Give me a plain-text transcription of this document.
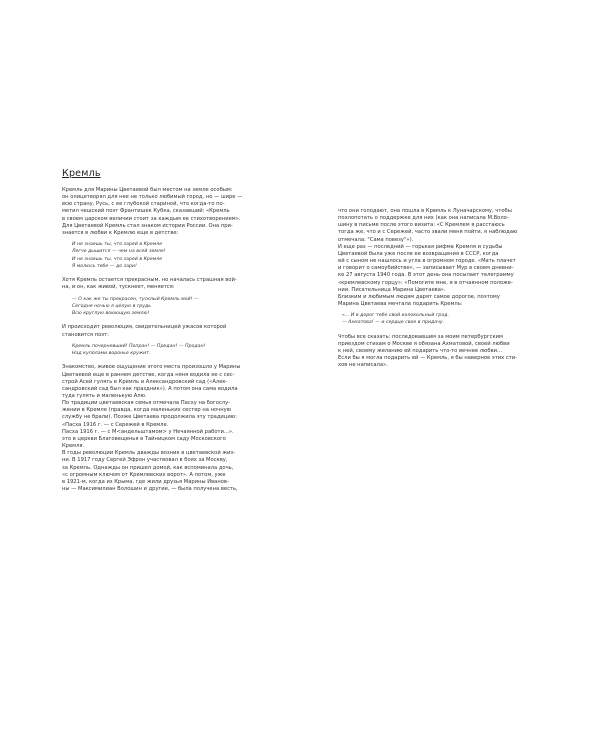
Кремль

Кремль для Марины Цветаевой был местом на земле особым:

он олицетворял для нее не только любимый город, но — шире —

всю страну, Русь, с ее глубокой стариной, что когда-то по-

метил чешский поэт Франтишек Кубка, сказавший: «Кремль

в своем царском величии стоит за каждым ее стихотворением».

Для Цветаевой Кремль стал знаком истории России. Она при-

знается в любви к Кремлю еще в детстве:

И не знаешь ты, что зарей в Кремле

Легче дышится — чем на всей земле!

И не знаешь ты, что зарей в Кремле

Я молюсь тебе — до зари!

Хотя Кремль остается прекрасным, но началась страшная вой-

на, и он, как живой, тускнеет, меняется:

— О как же ты прекрасен, тусклый Кремль мой! —

Сегодня ночью я целую в грудь

Всю круглую воюющую землю!

И происходит революция, свидетельницей ужасов которой

становится поэт:

Кремль почерневший! Попран! — Предан! — Продан!

Над куполами воронье кружит.

Знакомство, живое ощущение этого места произошло у Марины

Цветаевой еще в раннем детстве, когда няня водила ее с сес-

строй Асей гулять в Кремль и Александровский сад («Алек-

сандровский сад был как праздник»). А потом она сама водила

туда гулять и маленькую Алю.

По традиции цветаевская семья отмечала Пасху на богослу-

жении в Кремле (правда, когда маленьких сестер на ночную

службу не брали). Позже Цветаева продолжила эту традицию:

«Пасха 1916 г. — с Сережей в Кремле.

Пасха 1916 г. — с М<андельштамом> у Нечаянной работи...».

это в церкви Благовещенья в Тайницком саду Московского

Кремля.

В годы революции Кремль дважды возник в цветаевской жиз-

ни. В 1917 году Сергей Эфрон участвовал в боях за Москву,

за Кремль. Однажды он пришел домой, как вспоминала дочь,

«с огромным ключом от Кремлевских ворот». А потом, уже

в 1921-м, когда из Крыма, где жили друзья Марины Иванов-

ны — Максимилиан Волошин и другие, — была получена весть,

что они голодают, она пошла в Кремль к Луначарскому, чтобы

похлопотать о поддержке для них (как она написала М.Воло-

шину в письме после этого визита: «С Кремлем я расстаюсь

тогда же, что и с Сережей, часто звали меня пойти, я наблюдаю

отмечала: "Сама повезу"»).

И еще раз — последний — горькая рифма Кремля и судьбы

Цветаевой была уже после ее возвращения в СССР, когда

ей с сыном не нашлось и угла в огромном городе. «Мать плачет

и говорит о самоубийстве», — записывает Мур в своем дневни-

ке 27 августа 1940 года. В этот день она посылает телеграмму

«кремлевскому горцу»: «Помогите мне, я в отчаянном положе-

нии. Писательница Марина Цветаева».

Близким и любимым людям дарят самое дорогое, поэтому

Марина Цветаева мечтала подарить Кремль:

«... И в дорог тебе свой колокольный град.

— Ахматова! — и сердце свое в придачу.

Чтобы все сказать: последовавшим за моим петербургским

приездом стихам о Москве я обязана Ахматовой, своей любви

к ней, своему желанию ей подарить что-то вечнее любви...

Если бы я могла подарить ей — Кремль, я бы наверное этих сти-

хов не написала».
